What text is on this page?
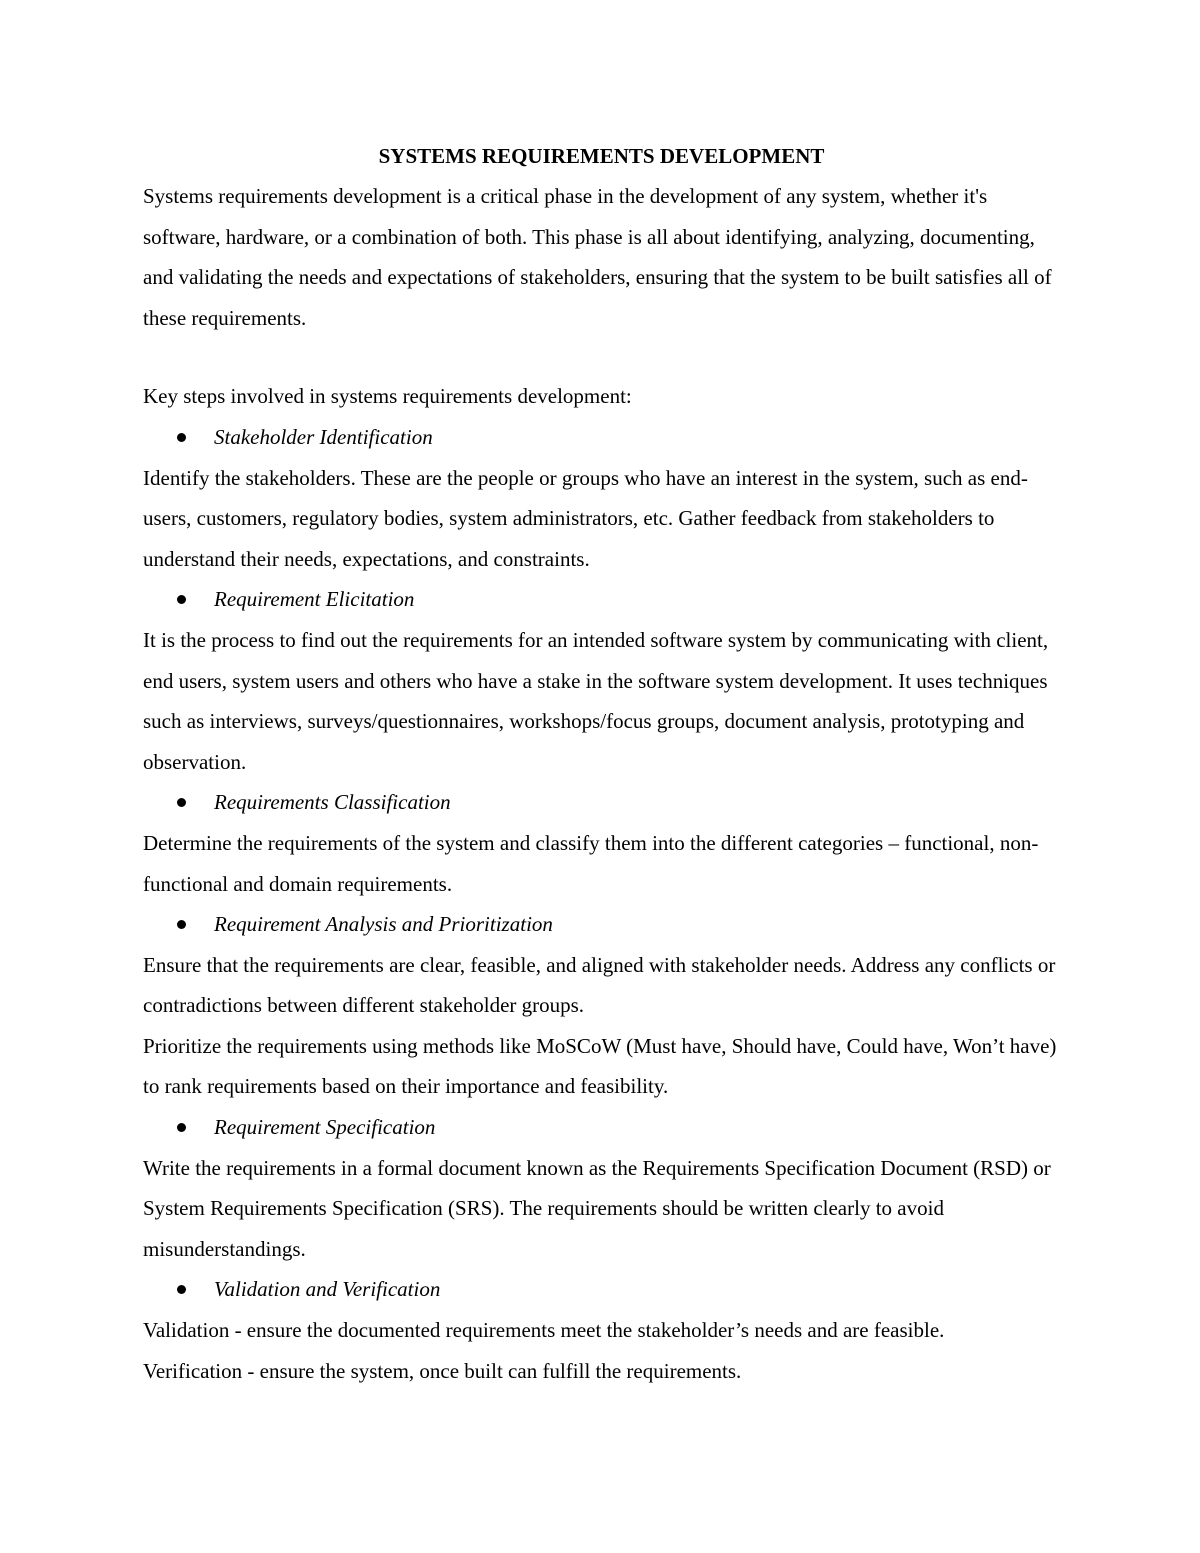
SYSTEMS REQUIREMENTS DEVELOPMENT

Systems requirements development is a critical phase in the development of any system, whether it's software, hardware, or a combination of both. This phase is all about identifying, analyzing, documenting, and validating the needs and expectations of stakeholders, ensuring that the system to be built satisfies all of these requirements.

Key steps involved in systems requirements development:

Stakeholder Identification

Identify the stakeholders. These are the people or groups who have an interest in the system, such as end-users, customers, regulatory bodies, system administrators, etc. Gather feedback from stakeholders to understand their needs, expectations, and constraints.

Requirement Elicitation

It is the process to find out the requirements for an intended software system by communicating with client, end users, system users and others who have a stake in the software system development. It uses techniques such as interviews, surveys/questionnaires, workshops/focus groups, document analysis, prototyping and observation.

Requirements Classification

Determine the requirements of the system and classify them into the different categories – functional, non-functional and domain requirements.

Requirement Analysis and Prioritization

Ensure that the requirements are clear, feasible, and aligned with stakeholder needs. Address any conflicts or contradictions between different stakeholder groups.

Prioritize the requirements using methods like MoSCoW (Must have, Should have, Could have, Won’t have) to rank requirements based on their importance and feasibility.

Requirement Specification

Write the requirements in a formal document known as the Requirements Specification Document (RSD) or System Requirements Specification (SRS). The requirements should be written clearly to avoid misunderstandings.

Validation and Verification

Validation - ensure the documented requirements meet the stakeholder’s needs and are feasible.

Verification - ensure the system, once built can fulfill the requirements.
